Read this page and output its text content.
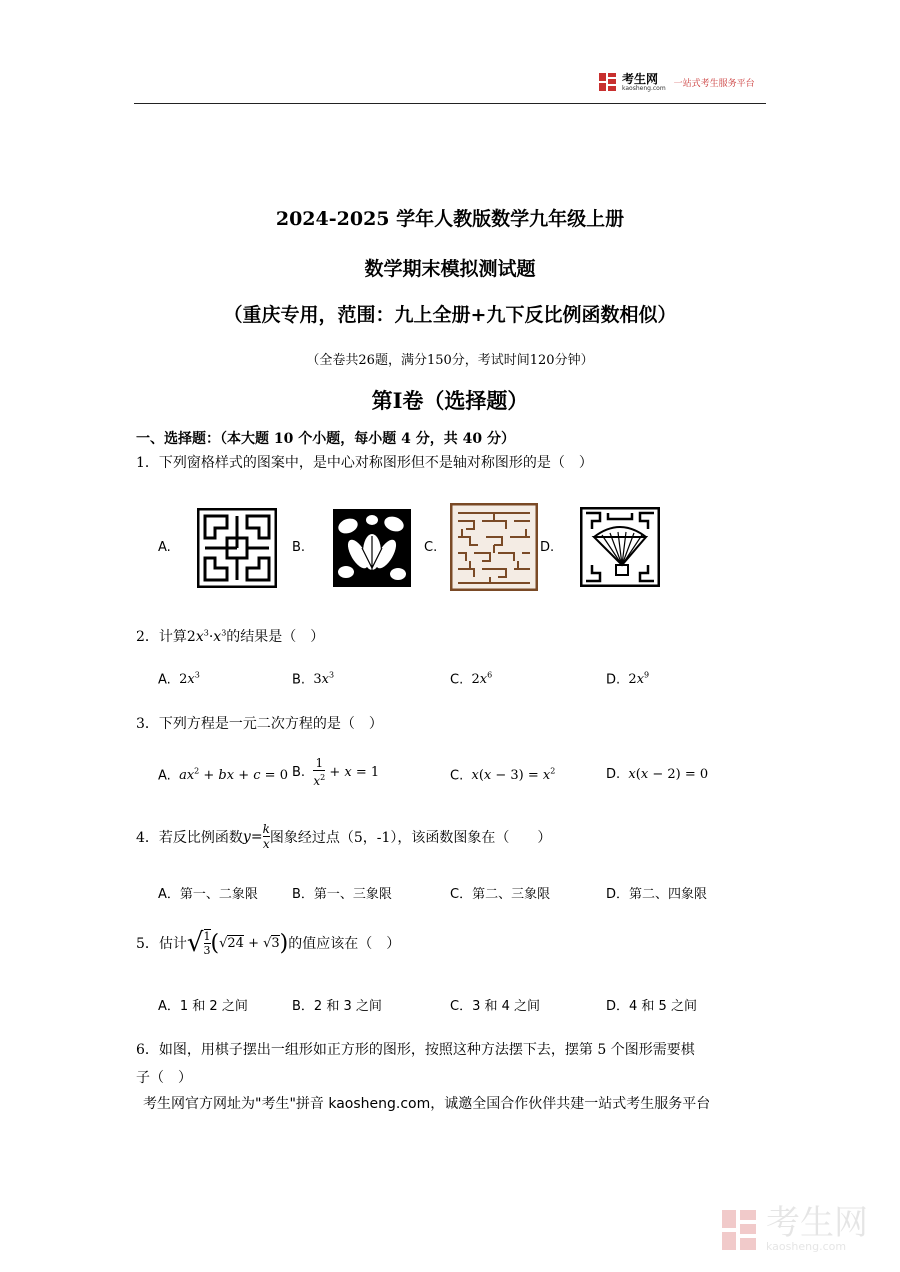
考生网
kaosheng.com 一站式考生服务平台
2024-2025 学年人教版数学九年级上册
数学期末模拟测试题
（重庆专用，范围：九上全册+九下反比例函数相似）
（全卷共26题，满分150分，考试时间120分钟）
第I卷（选择题）
一、选择题：（本大题 10 个小题，每小题 4 分，共 40 分）
1．下列窗格样式的图案中，是中心对称图形但不是轴对称图形的是（　）
A.	B.	C.	D.
2．计算$2x^3\cdot x^3$的结果是（　）
A. $2x^3$	B. $3x^3$	C. $2x^6$	D. $2x^9$
3．下列方程是一元二次方程的是（　）
A. $ax^2$ + bx + c = 0 B.

1
$x^2 + x = 1$	C. $x(x - 3) = x^2$	D. x(x − 2) = 0
4．若反比例函数 y = k
x 图象经过点（5，-1），该函数图象在（　　）
A．第一、二象限	B．第一、三象限	C．第二、三象限	D．第二、四象限
5．估计 √ 1
3 ( √ 24 + √ 3 ) 的值应该在（　）
A．1 和 2 之间	B．2 和 3 之间	C．3 和 4 之间	D．4 和 5 之间
6．如图，用棋子摆出一组形如正方形的图形，按照这种方法摆下去，摆第 5 个图形需要棋
子（　）
考生网官方网址为"考生"拼音 kaosheng.com，诚邀全国合作伙伴共建一站式考生服务平台
考生网
kaosheng.com
